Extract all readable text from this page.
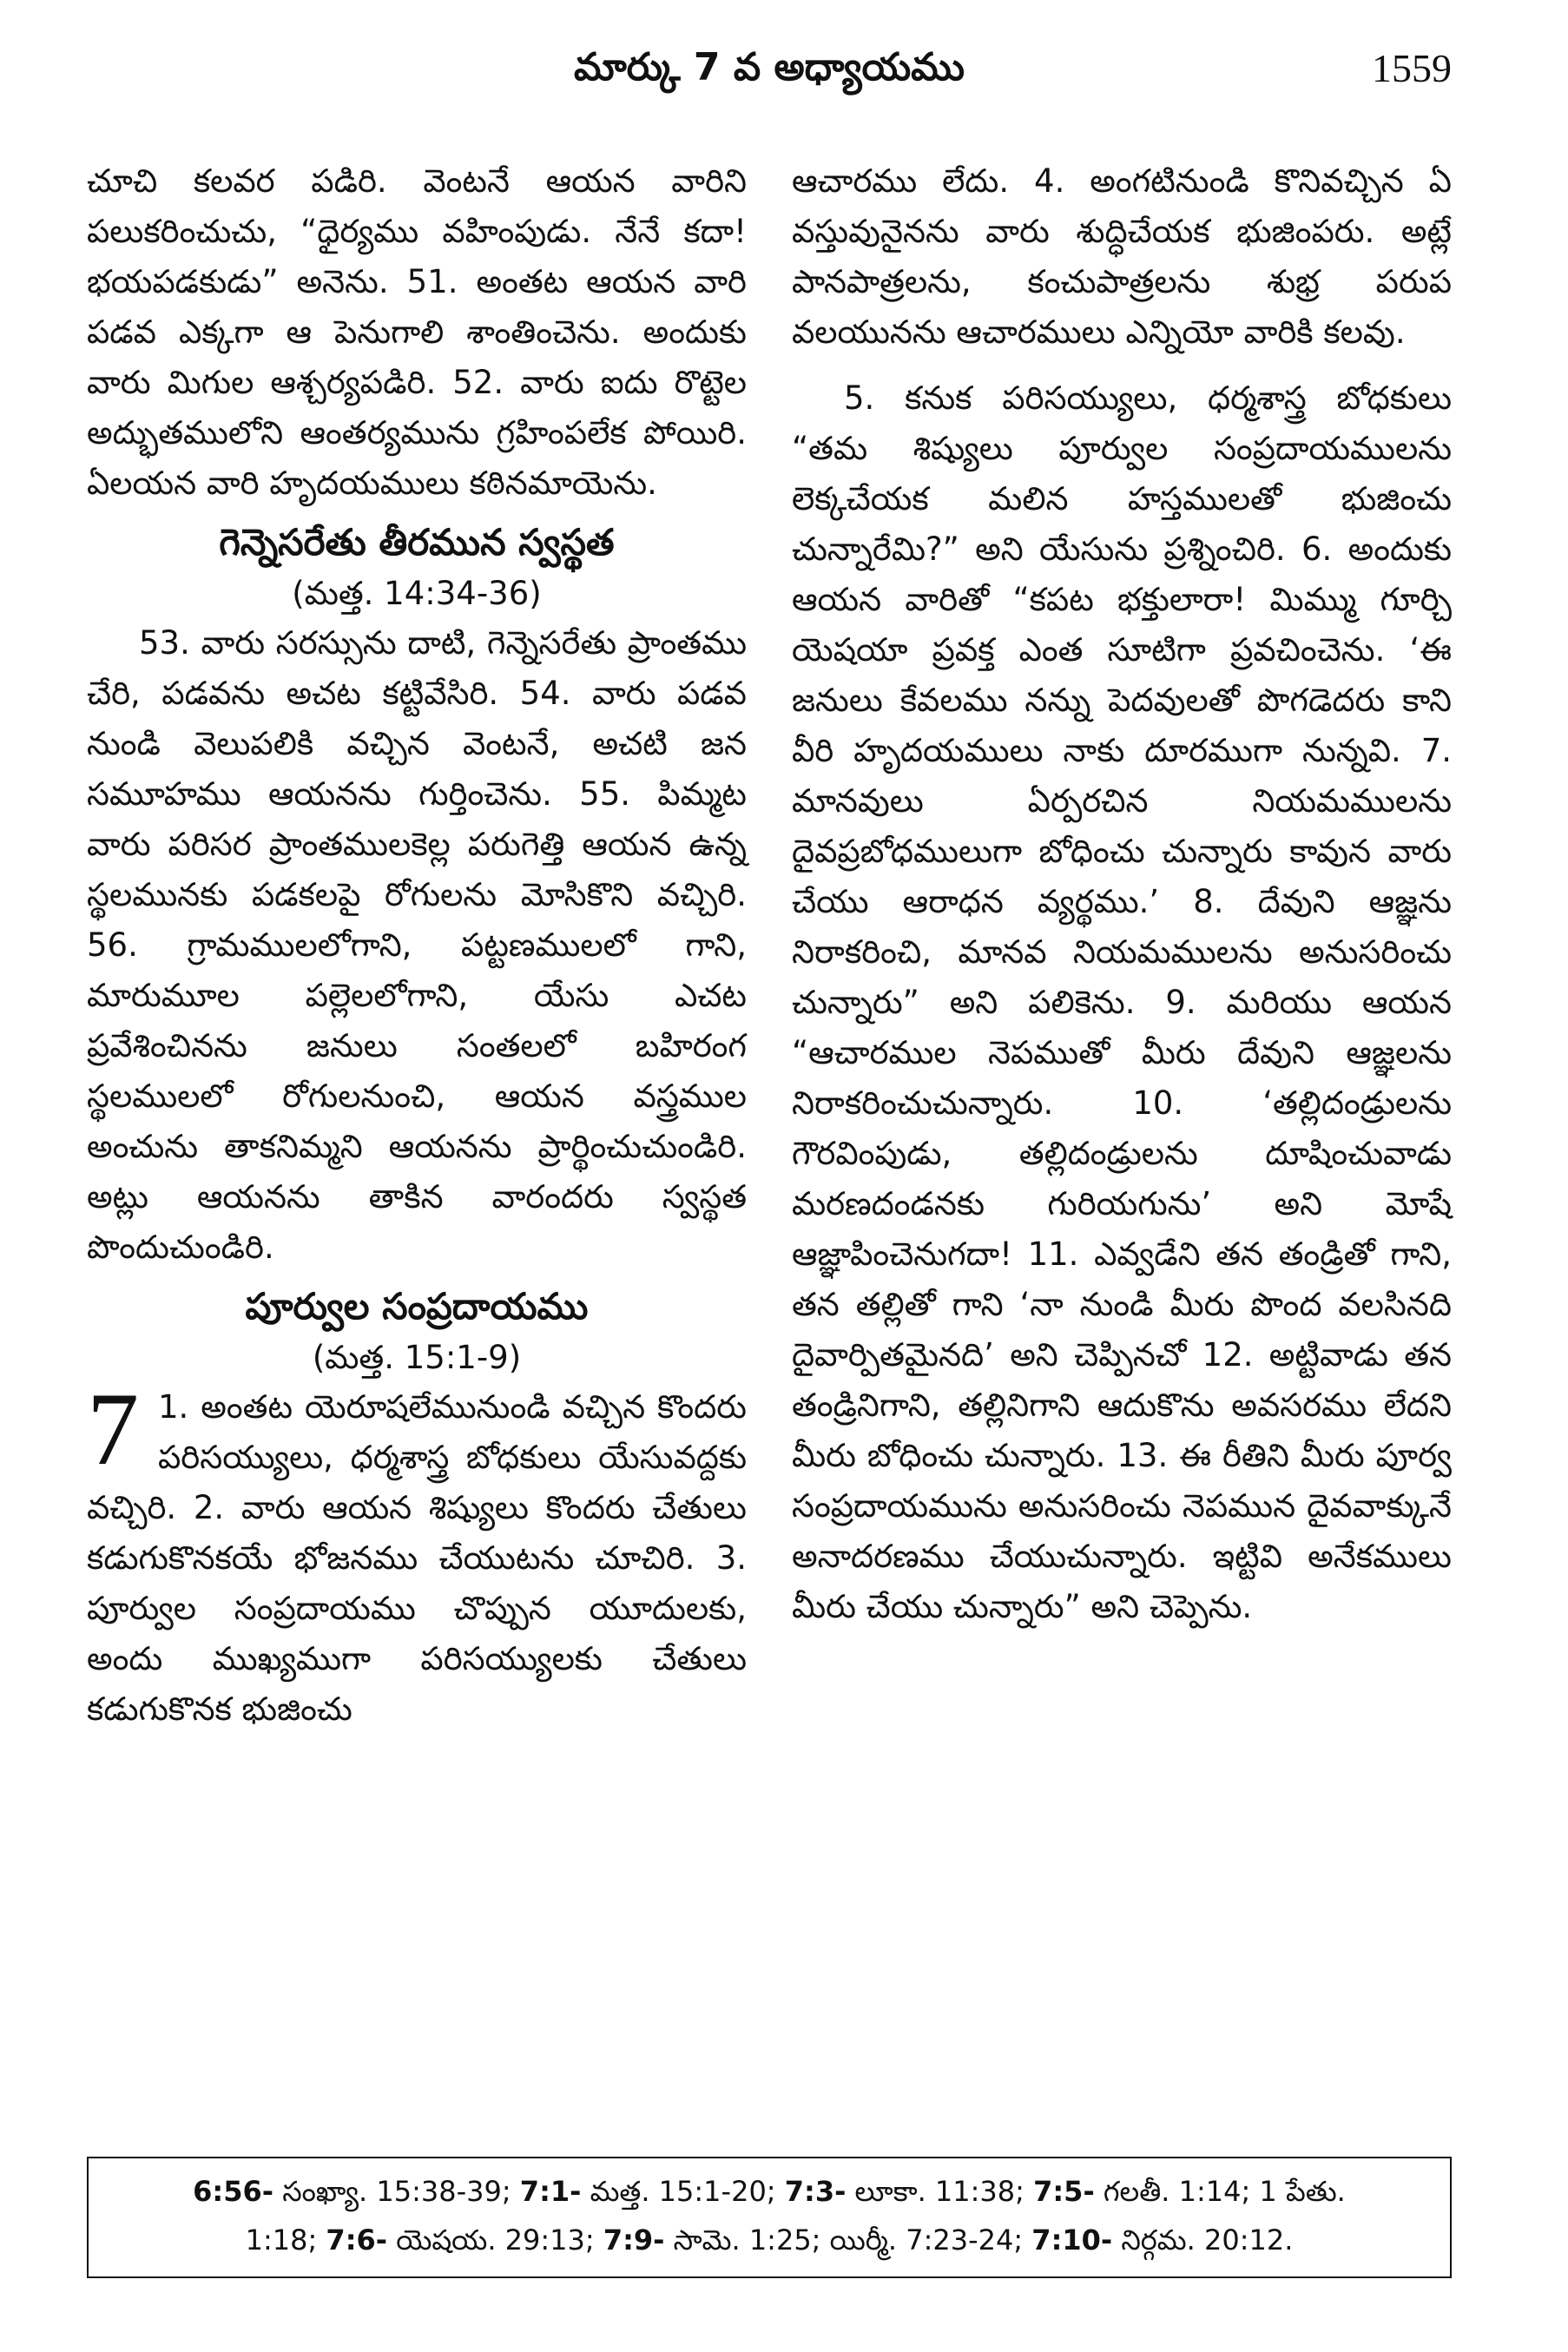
మార్కు 7 వ అధ్యాయము	1559

చూచి కలవర పడిరి. వెంటనే ఆయన వారిని పలుకరించుచు, “ధైర్యము వహింపుడు. నేనే కదా! భయపడకుడు” అనెను. 51. అంతట ఆయన వారి పడవ ఎక్కగా ఆ పెనుగాలి శాంతించెను. అందుకు వారు మిగుల ఆశ్చర్యపడిరి. 52. వారు ఐదు రొట్టెల అద్భుతములోని ఆంతర్యమును గ్రహింపలేక పోయిరి. ఏలయన వారి హృదయములు కఠినమాయెను.

గెన్నెసరేతు తీరమున స్వస్థత
(మత్త. 14:34-36)

53. వారు సరస్సును దాటి, గెన్నెసరేతు ప్రాంతము చేరి, పడవను అచట కట్టివేసిరి. 54. వారు పడవ నుండి వెలుపలికి వచ్చిన వెంటనే, అచటి జన సమూహము ఆయనను గుర్తించెను. 55. పిమ్మట వారు పరిసర ప్రాంతములకెల్ల పరుగెత్తి ఆయన ఉన్న స్థలమునకు పడకలపై రోగులను మోసికొని వచ్చిరి. 56. గ్రామములలోగాని, పట్టణములలో గాని, మారుమూల పల్లెలలోగాని, యేసు ఎచట ప్రవేశించినను జనులు సంతలలో బహిరంగ స్థలములలో రోగులనుంచి, ఆయన వస్త్రముల అంచును తాకనిమ్మని ఆయనను ప్రార్థించుచుండిరి. అట్లు ఆయనను తాకిన వారందరు స్వస్థత పొందుచుండిరి.

పూర్వుల సంప్రదాయము
(మత్త. 15:1-9)

7 1. అంతట యెరూషలేమునుండి వచ్చిన కొందరు పరిసయ్యులు, ధర్మశాస్త్ర బోధకులు యేసువద్దకు వచ్చిరి. 2. వారు ఆయన శిష్యులు కొందరు చేతులు కడుగుకొనకయే భోజనము చేయుటను చూచిరి. 3. పూర్వుల సంప్రదాయము చొప్పున యూదులకు, అందు ముఖ్యముగా పరిసయ్యులకు చేతులు కడుగుకొనక భుజించు

ఆచారము లేదు. 4. అంగటినుండి కొనివచ్చిన ఏ వస్తువునైనను వారు శుద్ధిచేయక భుజింపరు. అట్లే పానపాత్రలను, కంచుపాత్రలను శుభ్ర పరుప వలయునను ఆచారములు ఎన్నియో వారికి కలవు.

5. కనుక పరిసయ్యులు, ధర్మశాస్త్ర బోధకులు “తమ శిష్యులు పూర్వుల సంప్రదాయములను లెక్కచేయక మలిన హస్తములతో భుజించు చున్నారేమి?” అని యేసును ప్రశ్నించిరి. 6. అందుకు ఆయన వారితో “కపట భక్తులారా! మిమ్ము గూర్చి యెషయా ప్రవక్త ఎంత సూటిగా ప్రవచించెను. ‘ఈ జనులు కేవలము నన్ను పెదవులతో పొగడెదరు కాని వీరి హృదయములు నాకు దూరముగా నున్నవి. 7. మానవులు ఏర్పరచిన నియమములను దైవప్రబోధములుగా బోధించు చున్నారు కావున వారు చేయు ఆరాధన వ్యర్థము.’ 8. దేవుని ఆజ్ఞను నిరాకరించి, మానవ నియమములను అనుసరించు చున్నారు” అని పలికెను. 9. మరియు ఆయన “ఆచారముల నెపముతో మీరు దేవుని ఆజ్ఞలను నిరాకరించుచున్నారు. 10. ‘తల్లిదండ్రులను గౌరవింపుడు, తల్లిదండ్రులను దూషించువాడు మరణదండనకు గురియగును’ అని మోషే ఆజ్ఞాపించెనుగదా! 11. ఎవ్వడేని తన తండ్రితో గాని, తన తల్లితో గాని ‘నా నుండి మీరు పొంద వలసినది దైవార్పితమైనది’ అని చెప్పినచో 12. అట్టివాడు తన తండ్రినిగాని, తల్లినిగాని ఆదుకొను అవసరము లేదని మీరు బోధించు చున్నారు. 13. ఈ రీతిని మీరు పూర్వ సంప్రదాయమును అనుసరించు నెపమున దైవవాక్కునే అనాదరణము చేయుచున్నారు. ఇట్టివి అనేకములు మీరు చేయు చున్నారు” అని చెప్పెను.

6:56- సంఖ్యా. 15:38-39; 7:1- మత్త. 15:1-20; 7:3- లూకా. 11:38; 7:5- గలతీ. 1:14; 1 పేతు.
1:18; 7:6- యెషయ. 29:13; 7:9- సామె. 1:25; యిర్మీ. 7:23-24; 7:10- నిర్గమ. 20:12.
